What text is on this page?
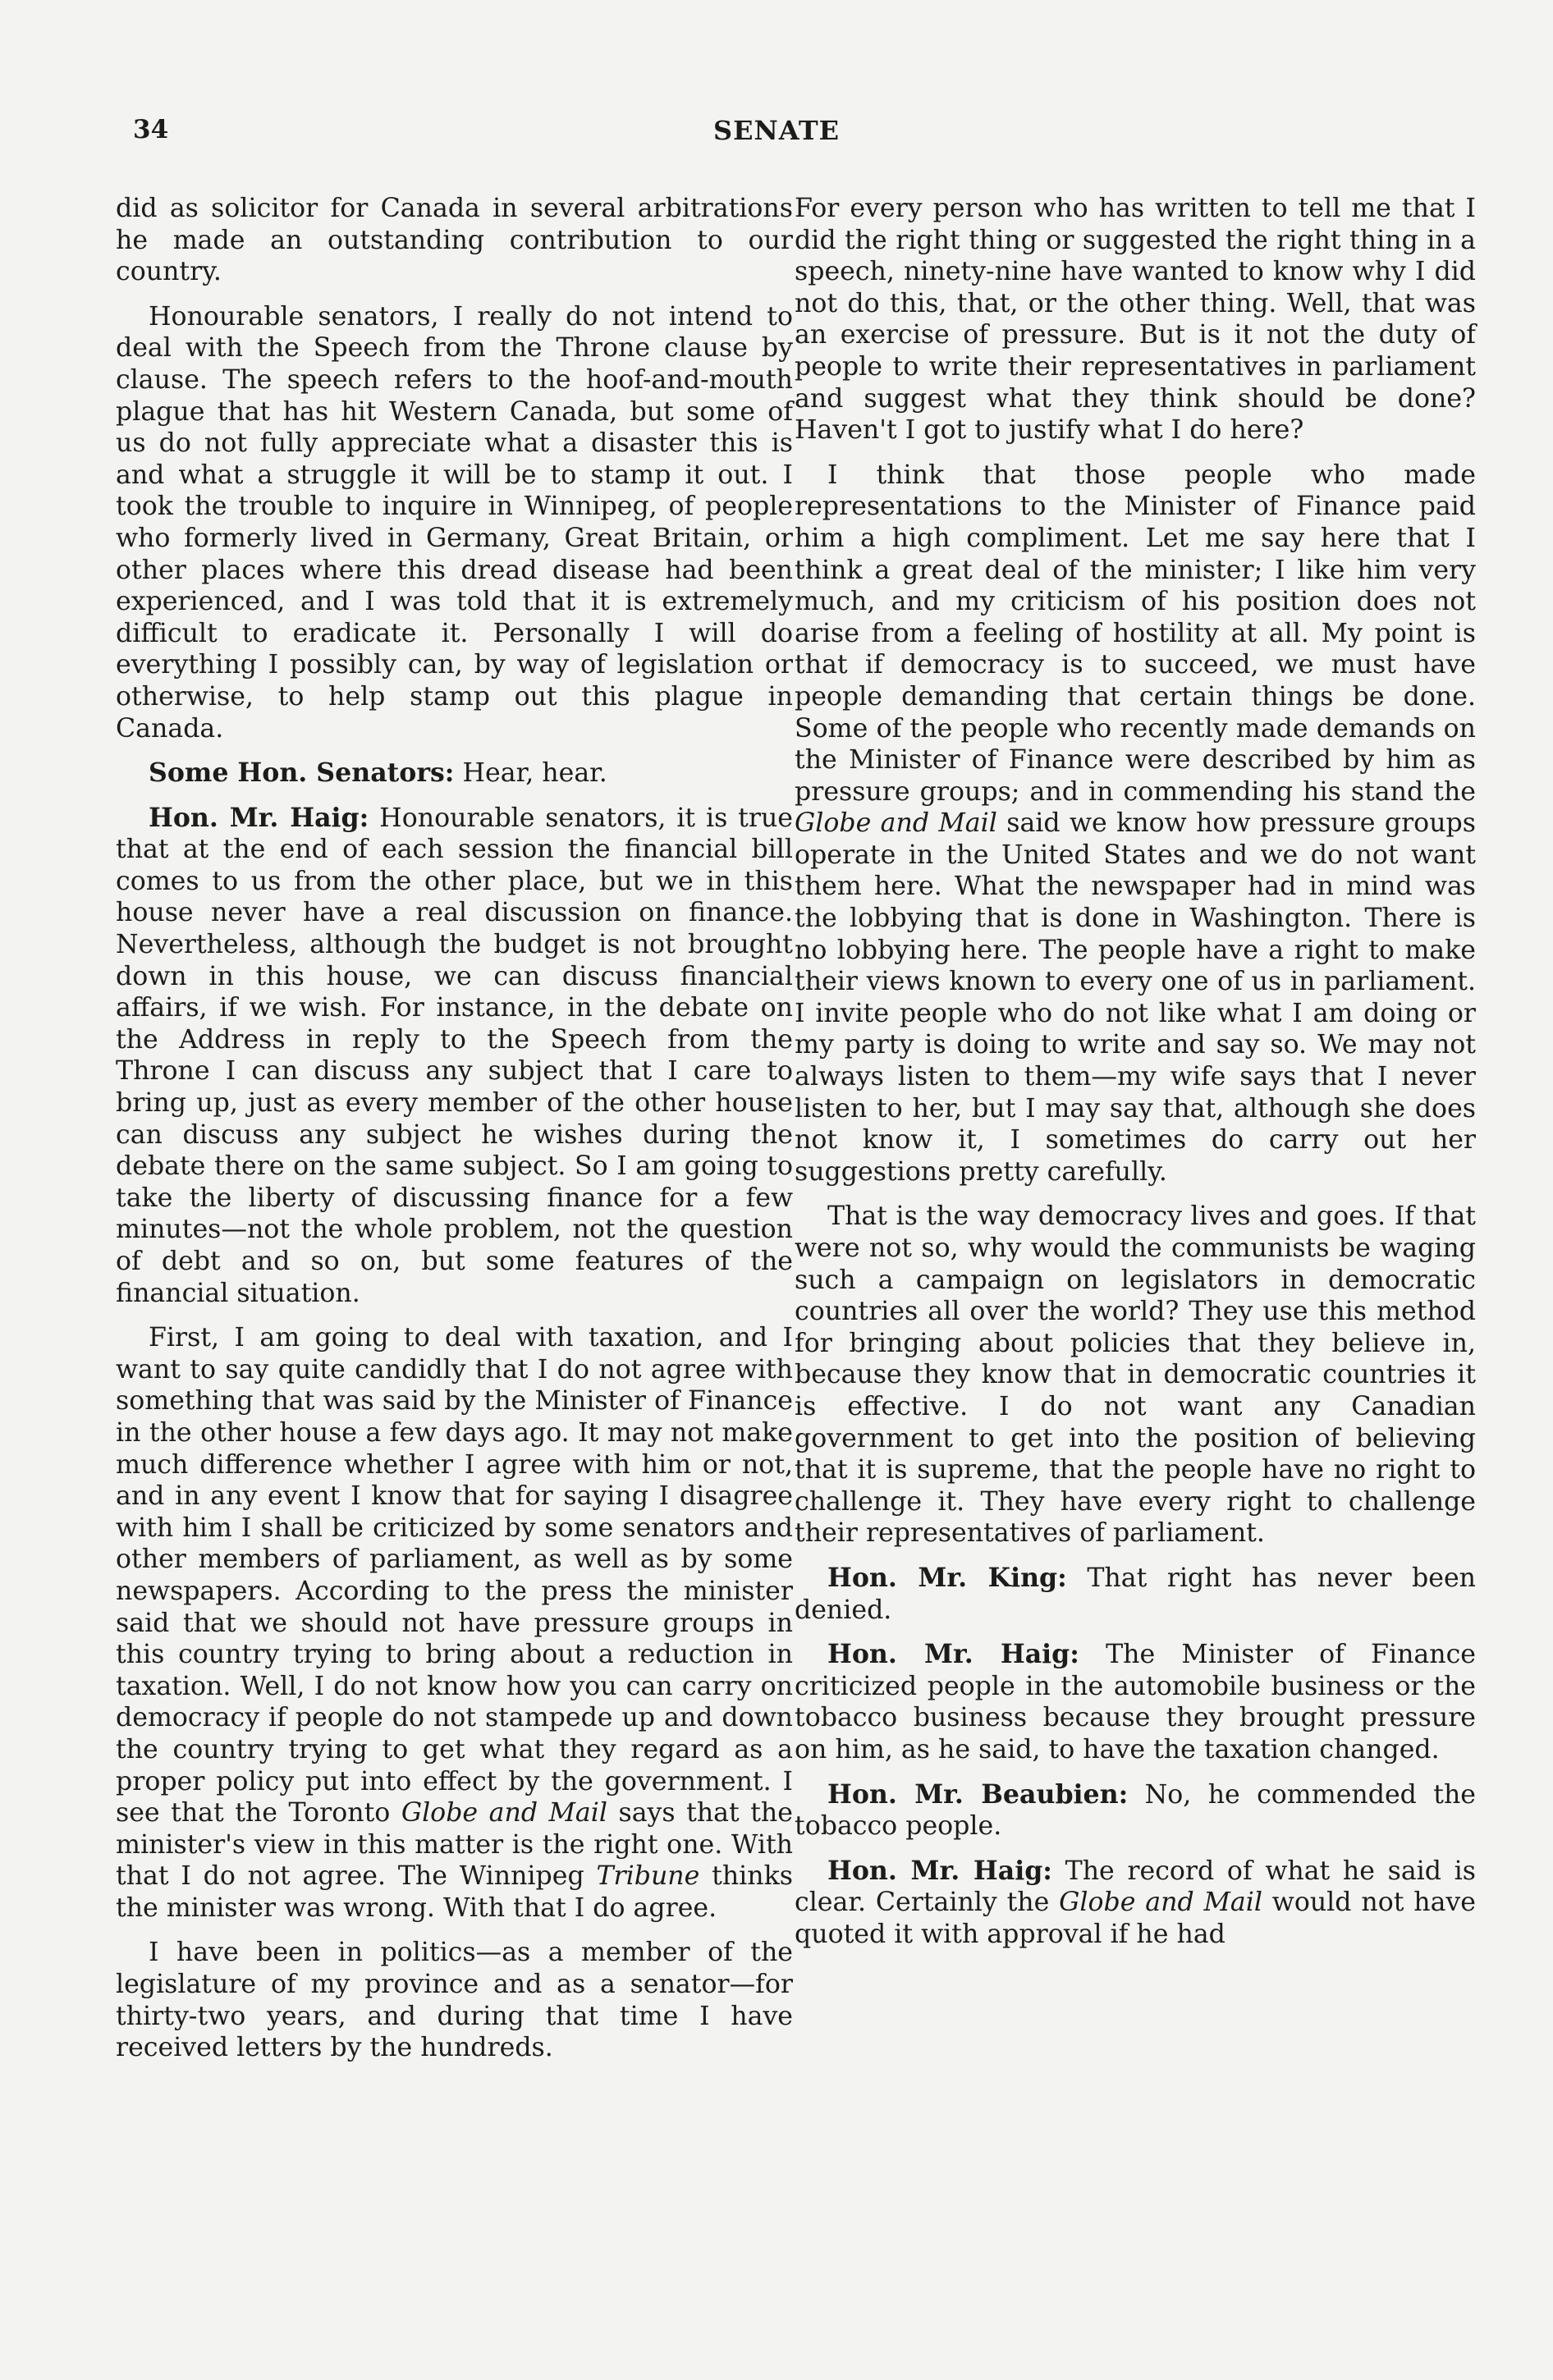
34	SENATE

did as solicitor for Canada in several arbitrations he made an outstanding contribution to our country.

Honourable senators, I really do not intend to deal with the Speech from the Throne clause by clause. The speech refers to the hoof-and-mouth plague that has hit Western Canada, but some of us do not fully appreciate what a disaster this is and what a struggle it will be to stamp it out. I took the trouble to inquire in Winnipeg, of people who formerly lived in Germany, Great Britain, or other places where this dread disease had been experienced, and I was told that it is extremely difficult to eradicate it. Personally I will do everything I possibly can, by way of legislation or otherwise, to help stamp out this plague in Canada.

Some Hon. Senators: Hear, hear.

Hon. Mr. Haig: Honourable senators, it is true that at the end of each session the financial bill comes to us from the other place, but we in this house never have a real discussion on finance. Nevertheless, although the budget is not brought down in this house, we can discuss financial affairs, if we wish. For instance, in the debate on the Address in reply to the Speech from the Throne I can discuss any subject that I care to bring up, just as every member of the other house can discuss any subject he wishes during the debate there on the same subject. So I am going to take the liberty of discussing finance for a few minutes—not the whole problem, not the question of debt and so on, but some features of the financial situation.

First, I am going to deal with taxation, and I want to say quite candidly that I do not agree with something that was said by the Minister of Finance in the other house a few days ago. It may not make much difference whether I agree with him or not, and in any event I know that for saying I disagree with him I shall be criticized by some senators and other members of parliament, as well as by some newspapers. According to the press the minister said that we should not have pressure groups in this country trying to bring about a reduction in taxation. Well, I do not know how you can carry on democracy if people do not stampede up and down the country trying to get what they regard as a proper policy put into effect by the government. I see that the Toronto Globe and Mail says that the minister's view in this matter is the right one. With that I do not agree. The Winnipeg Tribune thinks the minister was wrong. With that I do agree.

I have been in politics—as a member of the legislature of my province and as a senator—for thirty-two years, and during that time I have received letters by the hundreds.

For every person who has written to tell me that I did the right thing or suggested the right thing in a speech, ninety-nine have wanted to know why I did not do this, that, or the other thing. Well, that was an exercise of pressure. But is it not the duty of people to write their representatives in parliament and suggest what they think should be done? Haven't I got to justify what I do here?

I think that those people who made representations to the Minister of Finance paid him a high compliment. Let me say here that I think a great deal of the minister; I like him very much, and my criticism of his position does not arise from a feeling of hostility at all. My point is that if democracy is to succeed, we must have people demanding that certain things be done. Some of the people who recently made demands on the Minister of Finance were described by him as pressure groups; and in commending his stand the Globe and Mail said we know how pressure groups operate in the United States and we do not want them here. What the newspaper had in mind was the lobbying that is done in Washington. There is no lobbying here. The people have a right to make their views known to every one of us in parliament. I invite people who do not like what I am doing or my party is doing to write and say so. We may not always listen to them—my wife says that I never listen to her, but I may say that, although she does not know it, I sometimes do carry out her suggestions pretty carefully.

That is the way democracy lives and goes. If that were not so, why would the communists be waging such a campaign on legislators in democratic countries all over the world? They use this method for bringing about policies that they believe in, because they know that in democratic countries it is effective. I do not want any Canadian government to get into the position of believing that it is supreme, that the people have no right to challenge it. They have every right to challenge their representatives of parliament.

Hon. Mr. King: That right has never been denied.

Hon. Mr. Haig: The Minister of Finance criticized people in the automobile business or the tobacco business because they brought pressure on him, as he said, to have the taxation changed.

Hon. Mr. Beaubien: No, he commended the tobacco people.

Hon. Mr. Haig: The record of what he said is clear. Certainly the Globe and Mail would not have quoted it with approval if he had
